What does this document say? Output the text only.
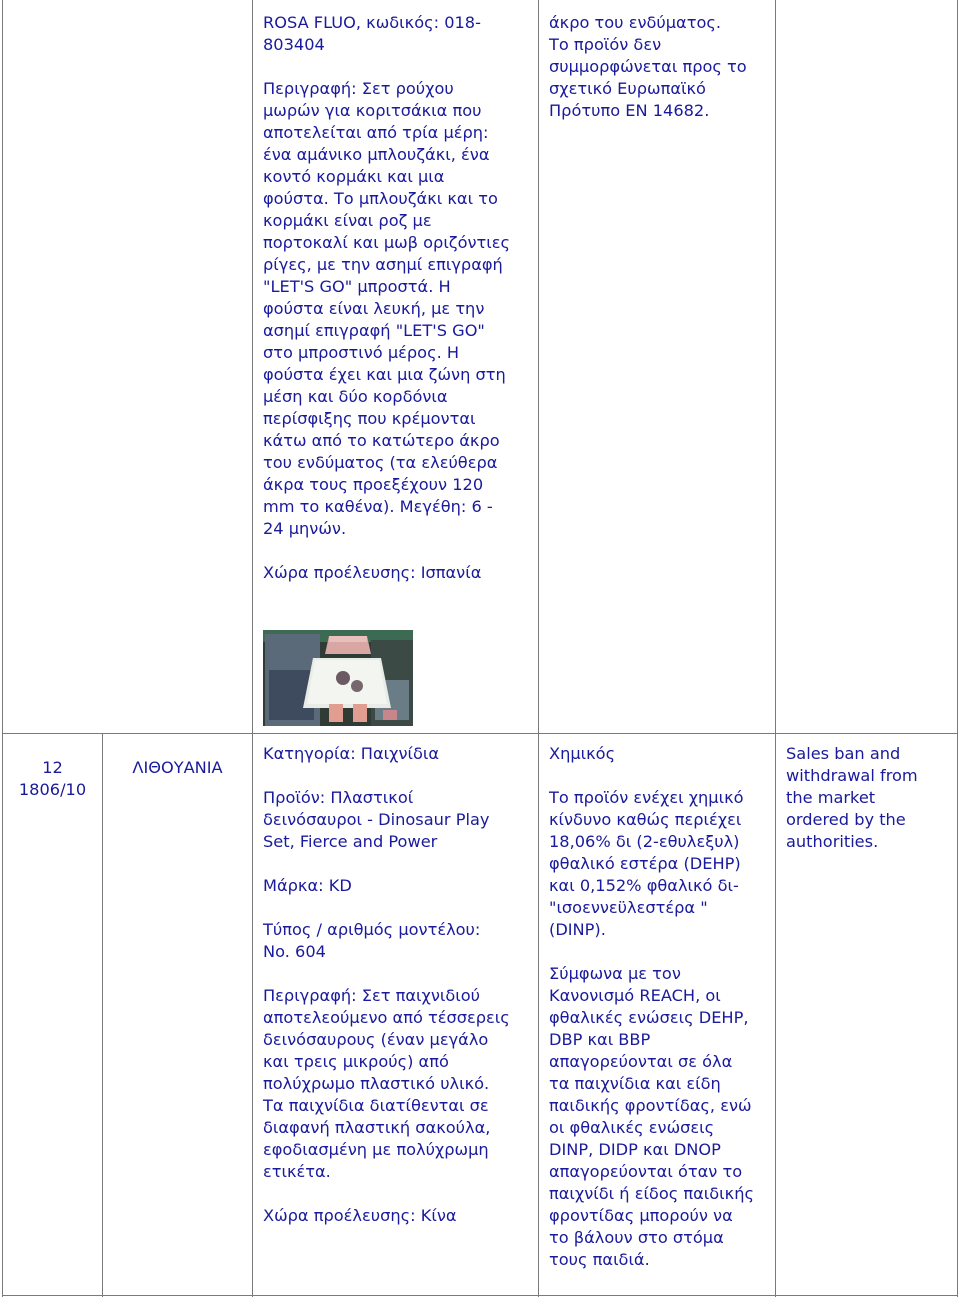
ROSA FLUO, κωδικός: 018-
803404

Περιγραφή: Σετ ρούχου
μωρών για κοριτσάκια που
αποτελείται από τρία μέρη:
ένα αμάνικο μπλουζάκι, ένα
κοντό κορμάκι και μια
φούστα. Το μπλουζάκι και το
κορμάκι είναι ροζ με
πορτοκαλί και μωβ οριζόντιες
ρίγες, με την ασημί επιγραφή
"LET'S GO" μπροστά. Η
φούστα είναι λευκή, με την
ασημί επιγραφή "LET'S GO"
στο μπροστινό μέρος. Η
φούστα έχει και μια ζώνη στη
μέση και δύο κορδόνια
περίσφιξης που κρέμονται
κάτω από το κατώτερο άκρο
του ενδύματος (τα ελεύθερα
άκρα τους προεξέχουν 120
mm το καθένα). Μεγέθη: 6 -
24 μηνών.

Χώρα προέλευσης: Ισπανία

άκρο του ενδύματος.
Το προϊόν δεν
συμμορφώνεται προς το
σχετικό Ευρωπαϊκό
Πρότυπο EN 14682.

12
1806/10

ΛΙΘΟΥΑΝΙΑ

Κατηγορία: Παιχνίδια

Προϊόν: Πλαστικοί
δεινόσαυροι - Dinosaur Play
Set, Fierce and Power

Μάρκα: KD

Τύπος / αριθμός μοντέλου:
No. 604

Περιγραφή: Σετ παιχνιδιού
αποτελεούμενο από τέσσερεις
δεινόσαυρους (έναν μεγάλο
και τρεις μικρούς) από
πολύχρωμο πλαστικό υλικό.
Τα παιχνίδια διατίθενται σε
διαφανή πλαστική σακούλα,
εφοδιασμένη με πολύχρωμη
ετικέτα.

Χώρα προέλευσης: Κίνα

Χημικός

Το προϊόν ενέχει χημικό
κίνδυνο καθώς περιέχει
18,06% δι (2-εθυλεξυλ)
φθαλικό εστέρα (DEHP)
και 0,152% φθαλικό δι-
"ισοεννεϋλεστέρα "
(DINP).

Σύμφωνα με τον
Κανονισμό REACH, οι
φθαλικές ενώσεις DEHP,
DBP και BBP
απαγορεύονται σε όλα
τα παιχνίδια και είδη
παιδικής φροντίδας, ενώ
οι φθαλικές ενώσεις
DINP, DIDP και DNOP
απαγορεύονται όταν το
παιχνίδι ή είδος παιδικής
φροντίδας μπορούν να
το βάλουν στο στόμα
τους παιδιά.

Sales ban and
withdrawal from
the market
ordered by the
authorities.
